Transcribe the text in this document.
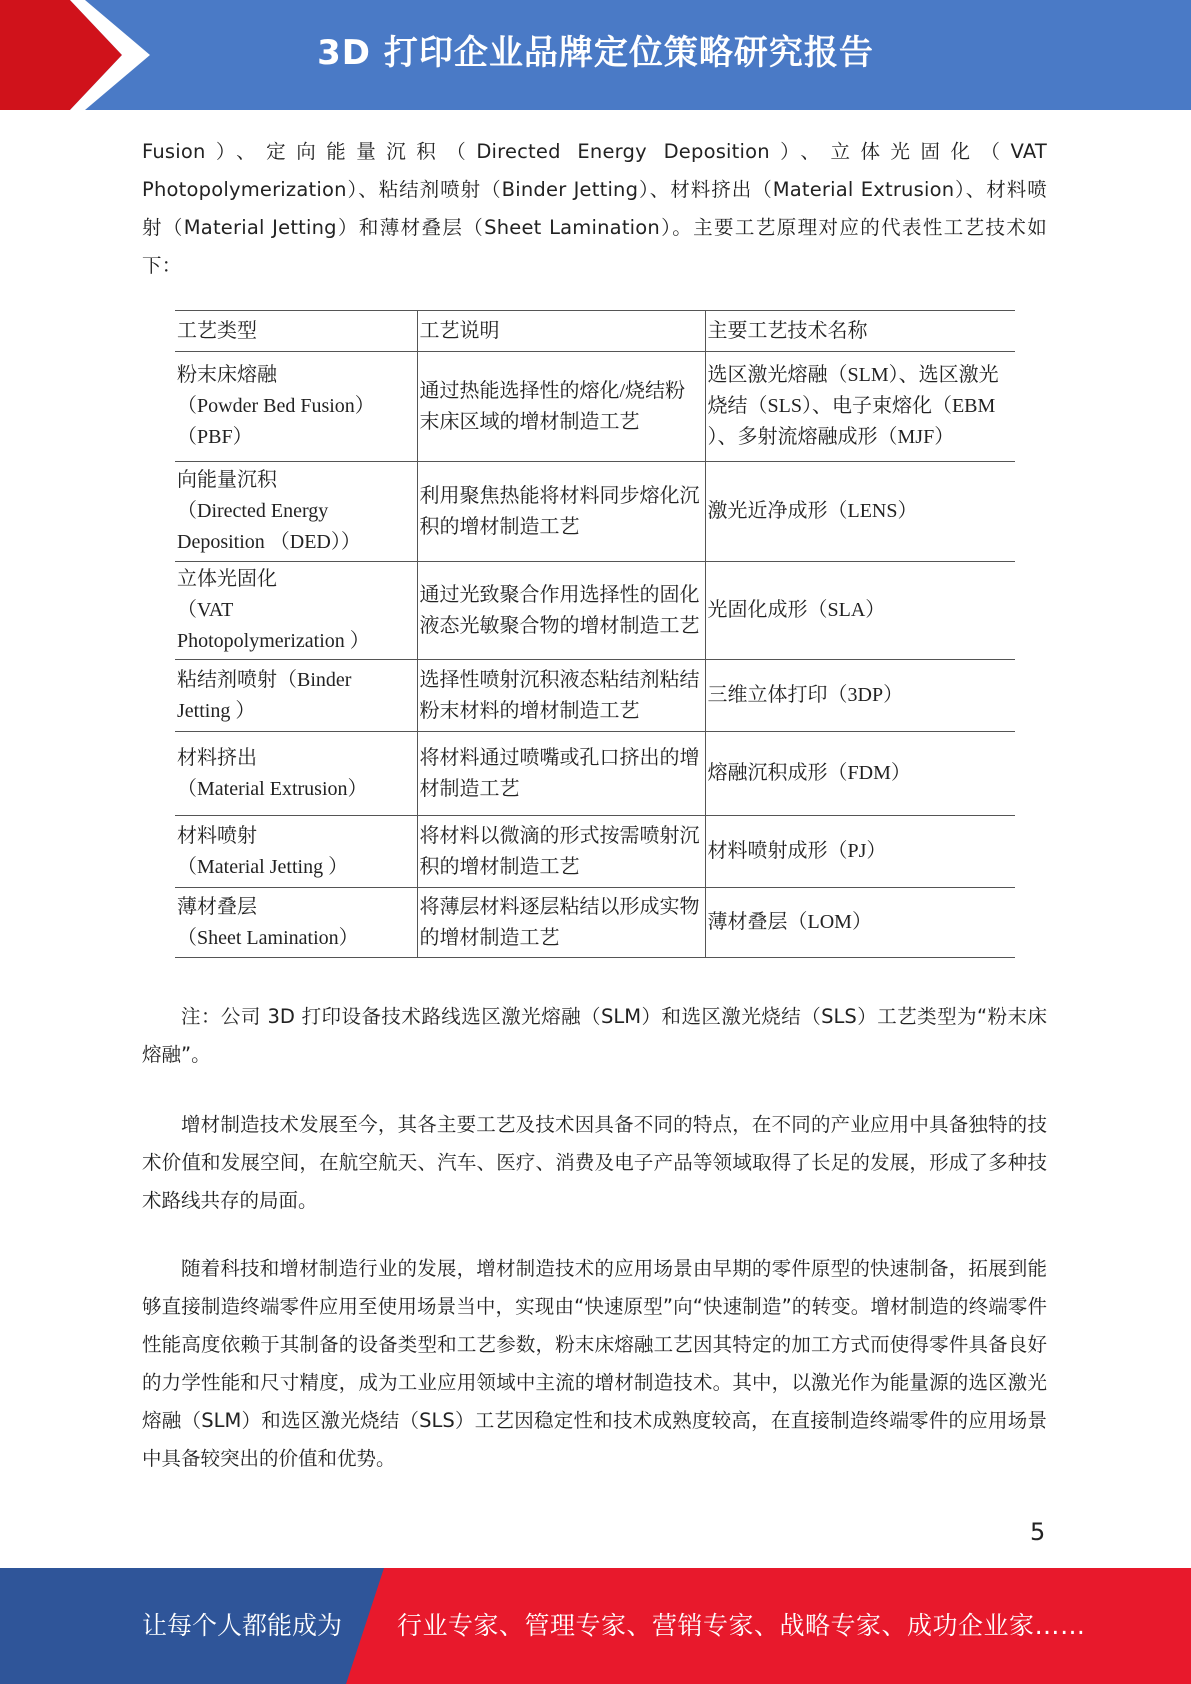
3D 打印企业品牌定位策略研究报告
Fusion）、定向能量沉积（Directed Energy Deposition）、立体光固化（VAT Photopolymerization）、粘结剂喷射（Binder Jetting）、材料挤出（Material Extrusion）、材料喷射（Material Jetting）和薄材叠层（Sheet Lamination）。主要工艺原理对应的代表性工艺技术如下：
工艺类型	工艺说明	主要工艺技术名称

粉末床熔融
（Powder Bed Fusion）
（PBF）	通过热能选择性的熔化/烧结粉末床区域的增材制造工艺	选区激光熔融（SLM）、选区激光烧结（SLS）、电子束熔化（EBM ）、多射流熔融成形（MJF）

向能量沉积
（Directed Energy
Deposition （DED））	利用聚焦热能将材料同步熔化沉积的增材制造工艺	激光近净成形（LENS）

立体光固化
（VAT
Photopolymerization ）	通过光致聚合作用选择性的固化液态光敏聚合物的增材制造工艺	光固化成形（SLA）

粘结剂喷射（Binder
Jetting ）	选择性喷射沉积液态粘结剂粘结粉末材料的增材制造工艺	三维立体打印（3DP）

材料挤出
（Material Extrusion）	将材料通过喷嘴或孔口挤出的增材制造工艺	熔融沉积成形（FDM）

材料喷射
（Material Jetting ）	将材料以微滴的形式按需喷射沉积的增材制造工艺	材料喷射成形（PJ）

薄材叠层
（Sheet Lamination）	将薄层材料逐层粘结以形成实物的增材制造工艺	薄材叠层（LOM）
注：公司 3D 打印设备技术路线选区激光熔融（SLM）和选区激光烧结（SLS）工艺类型为“粉末床熔融”。
增材制造技术发展至今，其各主要工艺及技术因具备不同的特点，在不同的产业应用中具备独特的技术价值和发展空间，在航空航天、汽车、医疗、消费及电子产品等领域取得了长足的发展，形成了多种技术路线共存的局面。
随着科技和增材制造行业的发展，增材制造技术的应用场景由早期的零件原型的快速制备，拓展到能够直接制造终端零件应用至使用场景当中，实现由“快速原型”向“快速制造”的转变。增材制造的终端零件性能高度依赖于其制备的设备类型和工艺参数，粉末床熔融工艺因其特定的加工方式而使得零件具备良好的力学性能和尺寸精度，成为工业应用领域中主流的增材制造技术。其中，以激光作为能量源的选区激光熔融（SLM）和选区激光烧结（SLS）工艺因稳定性和技术成熟度较高，在直接制造终端零件的应用场景中具备较突出的价值和优势。
5
让每个人都能成为 行业专家、管理专家、营销专家、战略专家、成功企业家……
